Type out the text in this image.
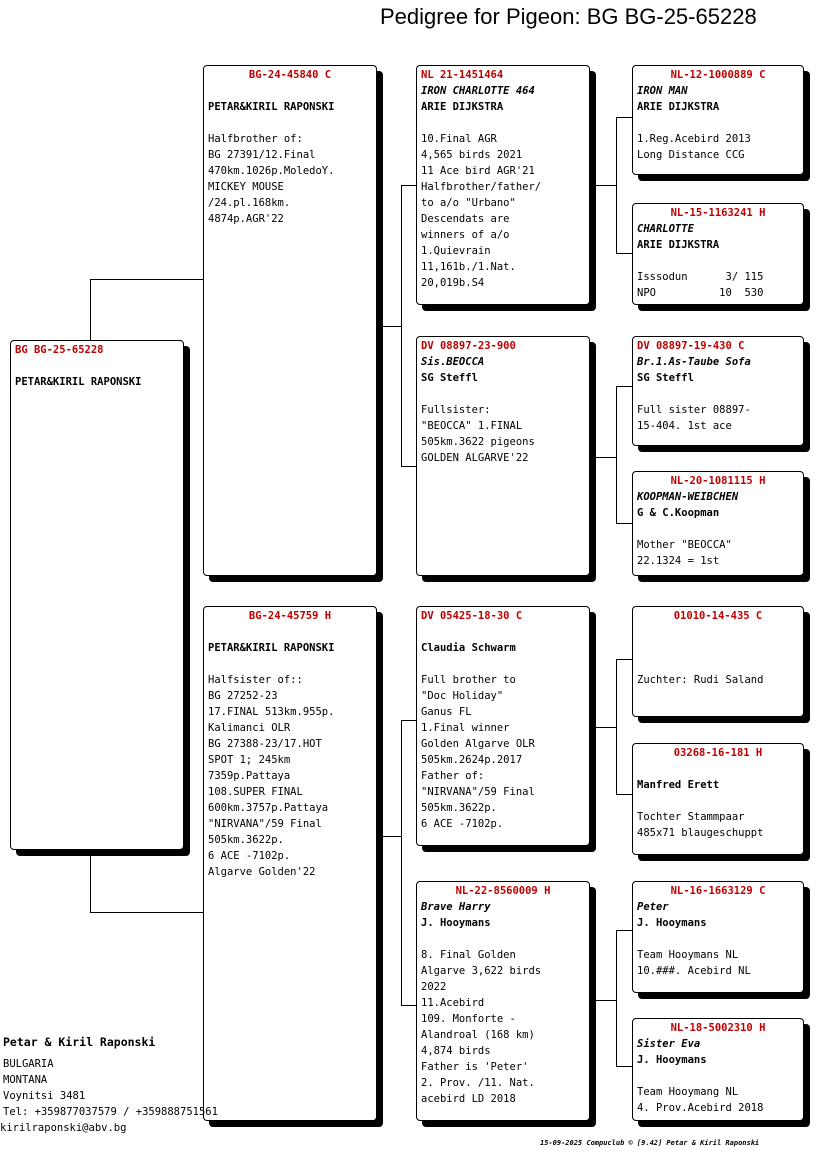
Pedigree for Pigeon: BG BG-25-65228
BG BG-25-65228
PETAR&KIRIL RAPONSKI
BG-24-45840 C
PETAR&KIRIL RAPONSKI
Halfbrother of:
BG 27391/12.Final
470km.1026p.MoledoY.
MICKEY MOUSE
/24.pl.168km.
4874p.AGR'22
BG-24-45759 H
PETAR&KIRIL RAPONSKI
Halfsister of::
BG 27252-23
17.FINAL 513km.955p.
Kalimanci OLR
BG 27388-23/17.HOT
SPOT 1; 245km
7359p.Pattaya
108.SUPER FINAL
600km.3757p.Pattaya
"NIRVANA"/59 Final
505km.3622p.
6 ACE -7102p.
Algarve Golden'22
NL 21-1451464
IRON CHARLOTTE 464
ARIE DIJKSTRA
10.Final AGR
4,565 birds 2021
11 Ace bird AGR'21
Halfbrother/father/
to a/o "Urbano"
Descendats are
winners of a/o
1.Quievrain
11,161b./1.Nat.
20,019b.S4
DV 08897-23-900
Sis.BEOCCA
SG Steffl
Fullsister:
"BEOCCA" 1.FINAL
505km.3622 pigeons
GOLDEN ALGARVE'22
DV 05425-18-30 C
Claudia Schwarm
Full brother to
"Doc Holiday"
Ganus FL
1.Final winner
Golden Algarve OLR
505km.2624p.2017
Father of:
"NIRVANA"/59 Final
505km.3622p.
6 ACE -7102p.
NL-22-8560009 H
Brave Harry
J. Hooymans
8. Final Golden
Algarve 3,622 birds
2022
11.Acebird
109. Monforte -
Alandroal (168 km)
4,874 birds
Father is 'Peter'
2. Prov. /11. Nat.
acebird LD 2018
NL-12-1000889 C
IRON MAN
ARIE DIJKSTRA
1.Reg.Acebird 2013
Long Distance CCG
NL-15-1163241 H
CHARLOTTE
ARIE DIJKSTRA
Isssodun      3/ 115
NPO          10  530
DV 08897-19-430 C
Br.1.As-Taube Sofa
SG Steffl
Full sister 08897-
15-404. 1st ace
NL-20-1081115 H
KOOPMAN-WEIBCHEN
G & C.Koopman
Mother "BEOCCA"
22.1324 = 1st
01010-14-435 C
Zuchter: Rudi Saland
03268-16-181 H
Manfred Erett
Tochter Stammpaar
485x71 blaugeschuppt
NL-16-1663129 C
Peter
J. Hooymans
Team Hooymans NL
10.###. Acebird NL
NL-18-5002310 H
Sister Eva
J. Hooymans
Team Hooymang NL
4. Prov.Acebird 2018
Petar & Kiril Raponski
BULGARIA
MONTANA
Voynitsi 3481
Tel: +359877037579 / +359888751561
kirilraponski@abv.bg
15-09-2025 Compuclub © [9.42] Petar & Kiril Raponski
